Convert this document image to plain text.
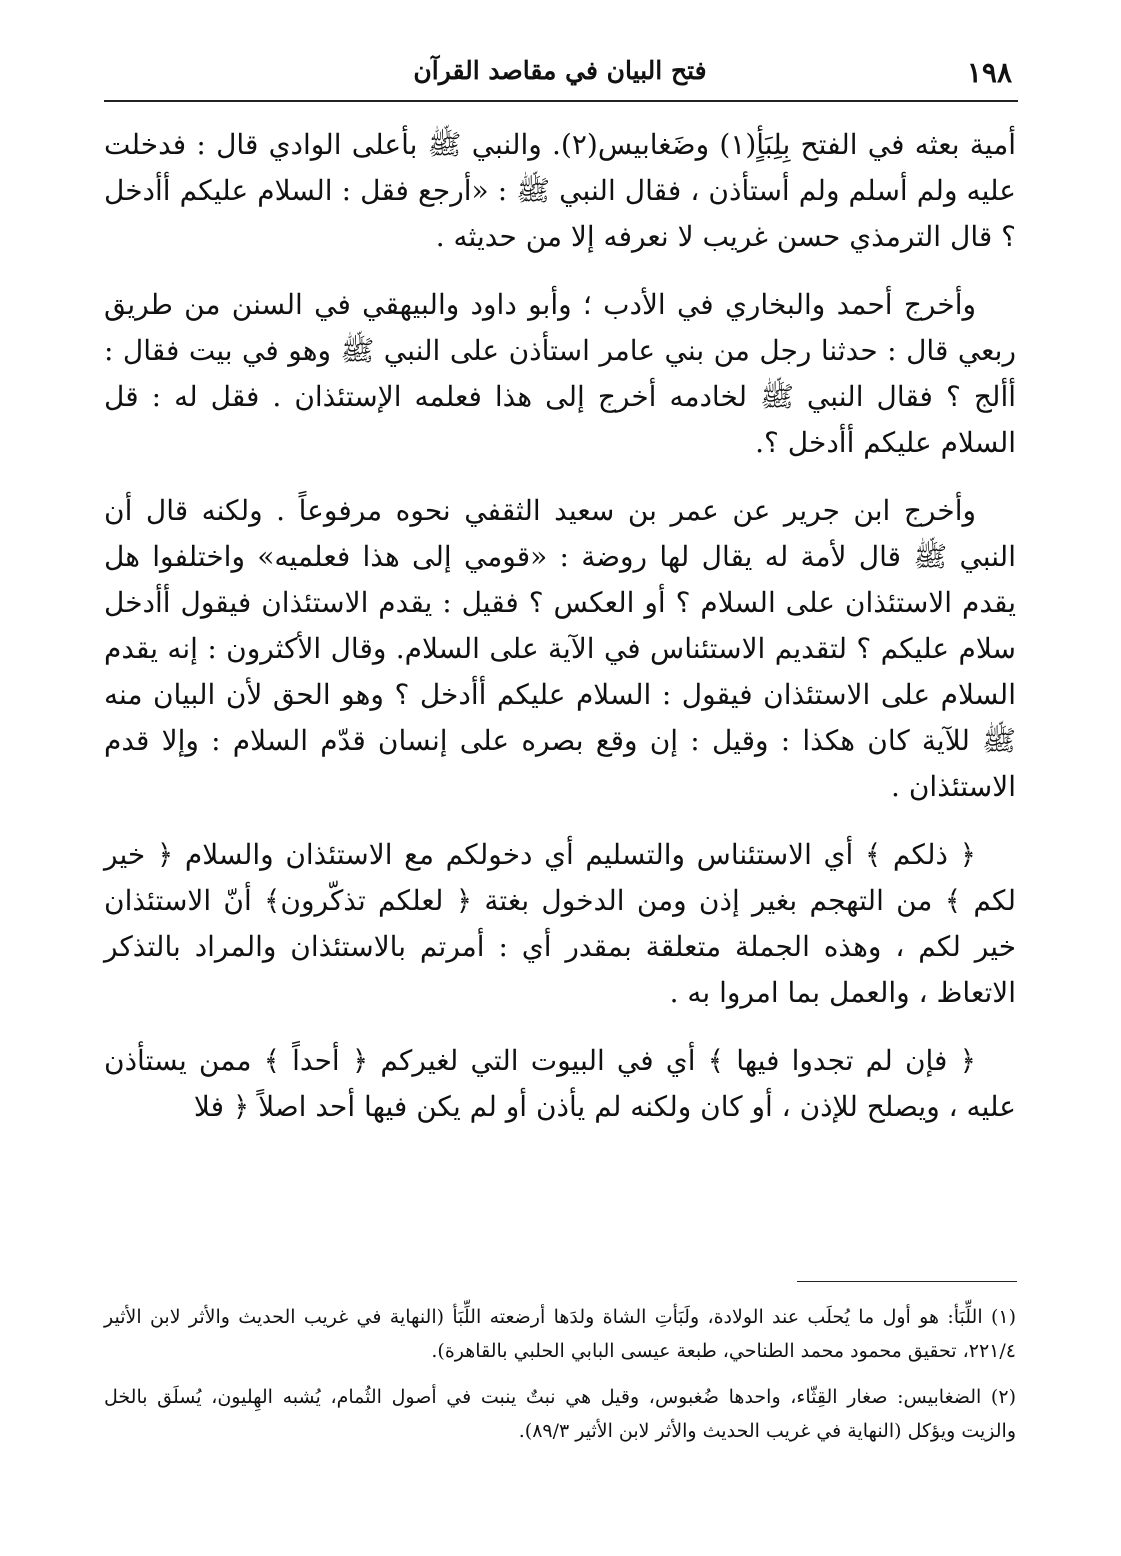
١٩٨
فتح البيان في مقاصد القرآن

أمية بعثه في الفتح بِلِبَأٍ(١) وضَغابيس(٢). والنبي ﷺ بأعلى الوادي قال : فدخلت عليه ولم أسلم ولم أستأذن ، فقال النبي ﷺ : «أرجع فقل : السلام عليكم أأدخل ؟ قال الترمذي حسن غريب لا نعرفه إلا من حديثه .

وأخرج أحمد والبخاري في الأدب ؛ وأبو داود والبيهقي في السنن من طريق ربعي قال : حدثنا رجل من بني عامر استأذن على النبي ﷺ وهو في بيت فقال : أألج ؟ فقال النبي ﷺ لخادمه أخرج إلى هذا فعلمه الإستئذان . فقل له : قل السلام عليكم أأدخل ؟.

وأخرج ابن جرير عن عمر بن سعيد الثقفي نحوه مرفوعاً . ولكنه قال أن النبي ﷺ قال لأمة له يقال لها روضة : «قومي إلى هذا فعلميه» واختلفوا هل يقدم الاستئذان على السلام ؟ أو العكس ؟ فقيل : يقدم الاستئذان فيقول أأدخل سلام عليكم ؟ لتقديم الاستئناس في الآية على السلام. وقال الأكثرون : إنه يقدم السلام على الاستئذان فيقول : السلام عليكم أأدخل ؟ وهو الحق لأن البيان منه ﷺ للآية كان هكذا : وقيل : إن وقع بصره على إنسان قدّم السلام : وإلا قدم الاستئذان .

﴿ ذلكم ﴾ أي الاستئناس والتسليم أي دخولكم مع الاستئذان والسلام ﴿ خير لكم ﴾ من التهجم بغير إذن ومن الدخول بغتة ﴿ لعلكم تذكّرون﴾ أنّ الاستئذان خير لكم ، وهذه الجملة متعلقة بمقدر أي : أمرتم بالاستئذان والمراد بالتذكر الاتعاظ ، والعمل بما امروا به .

﴿ فإن لم تجدوا فيها ﴾ أي في البيوت التي لغيركم ﴿ أحداً ﴾ ممن يستأذن عليه ، ويصلح للإذن ، أو كان ولكنه لم يأذن أو لم يكن فيها أحد اصلاً ﴿ فلا

(١) اللِّبَأ: هو أول ما يُحلَب عند الولادة، ولَبَأتِ الشاة ولدَها أرضعته اللِّبَأ (النهاية في غريب الحديث والأثر لابن الأثير ٢٢١/٤، تحقيق محمود محمد الطناحي، طبعة عيسى البابي الحلبي بالقاهرة).

(٢) الضغابيس: صغار القِثّاء، واحدها ضُغبوس، وقيل هي نبتٌ ينبت في أصول الثُمام، يُشبه الهِليون، يُسلَق بالخل والزيت ويؤكل (النهاية في غريب الحديث والأثر لابن الأثير ٨٩/٣).
